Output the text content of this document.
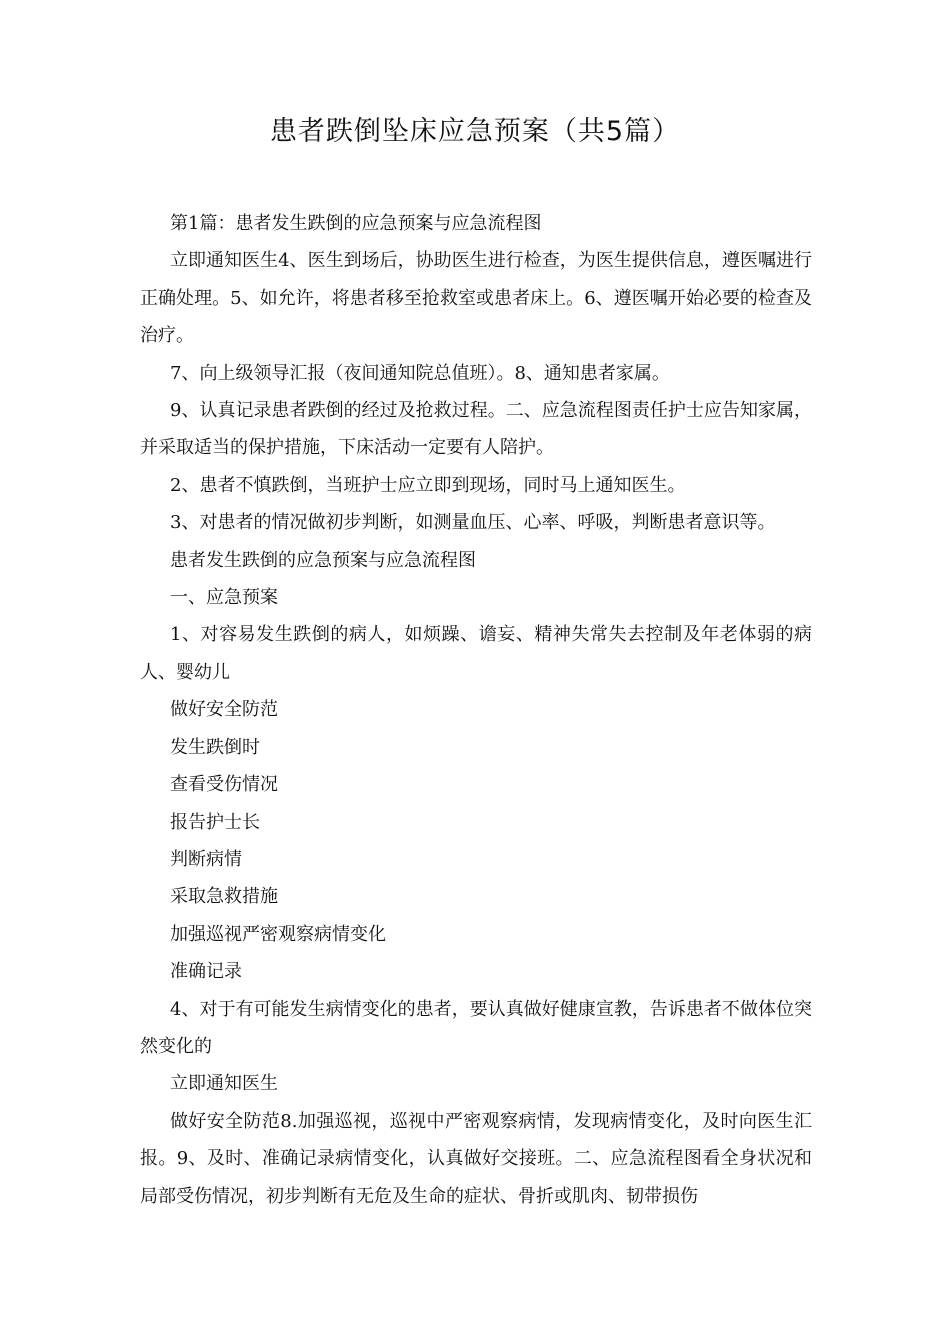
患者跌倒坠床应急预案（共5篇）

第1篇：患者发生跌倒的应急预案与应急流程图

立即通知医生4、医生到场后，协助医生进行检查，为医生提供信息，遵医嘱进行正确处理。5、如允许，将患者移至抢救室或患者床上。6、遵医嘱开始必要的检查及治疗。

7、向上级领导汇报（夜间通知院总值班）。8、通知患者家属。

9、认真记录患者跌倒的经过及抢救过程。二、应急流程图责任护士应告知家属，并采取适当的保护措施，下床活动一定要有人陪护。

2、患者不慎跌倒，当班护士应立即到现场，同时马上通知医生。

3、对患者的情况做初步判断，如测量血压、心率、呼吸，判断患者意识等。

患者发生跌倒的应急预案与应急流程图

一、应急预案

1、对容易发生跌倒的病人，如烦躁、谵妄、精神失常失去控制及年老体弱的病人、婴幼儿

做好安全防范

发生跌倒时

查看受伤情况

报告护士长

判断病情

采取急救措施

加强巡视严密观察病情变化

准确记录

4、对于有可能发生病情变化的患者，要认真做好健康宣教，告诉患者不做体位突然变化的

立即通知医生

做好安全防范8.加强巡视，巡视中严密观察病情，发现病情变化，及时向医生汇报。9、及时、准确记录病情变化，认真做好交接班。二、应急流程图看全身状况和局部受伤情况，初步判断有无危及生命的症状、骨折或肌肉、韧带损伤
